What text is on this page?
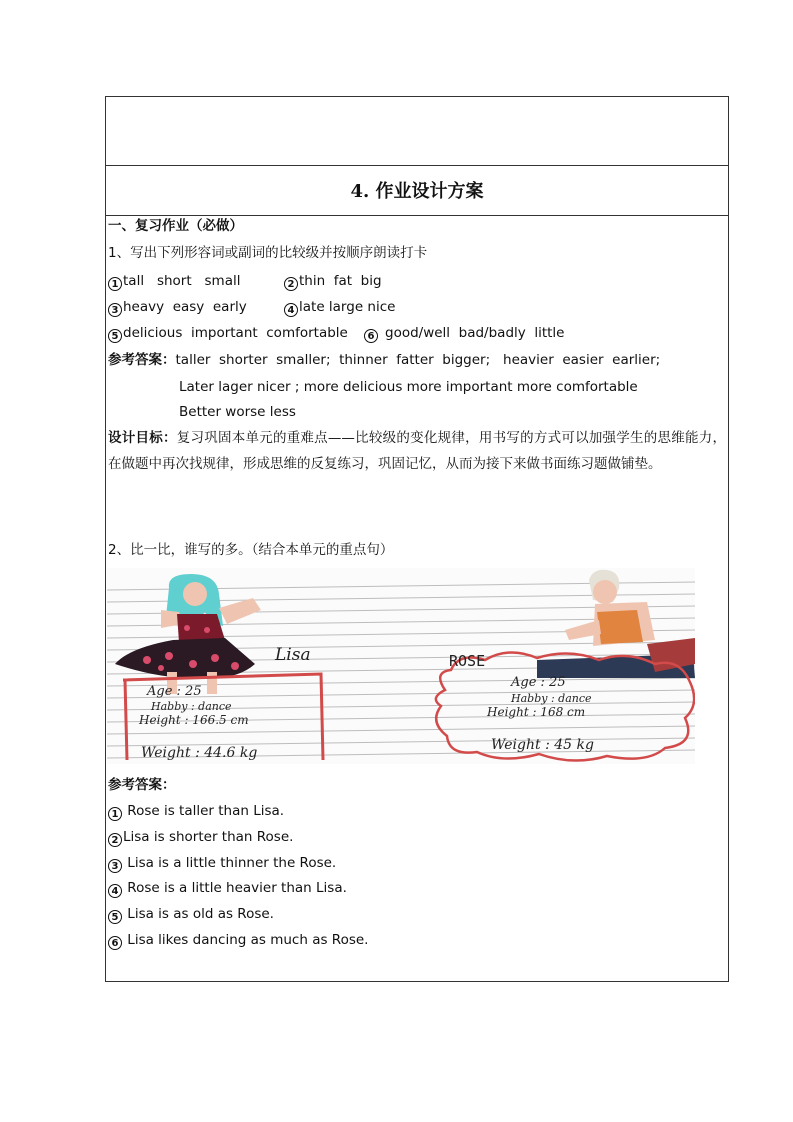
4. 作业设计方案
一、复习作业（必做）
1、写出下列形容词或副词的比较级并按顺序朗读打卡
1 tall   short   small	2 thin  fat  big
3 heavy  easy  early	4 late large nice
5 delicious  important  comfortable	6 good/well  bad/badly  little
参考答案：taller  shorter  smaller;  thinner  fatter  bigger;   heavier  easier  earlier;
Later lager nicer ; more delicious more important more comfortable
Better worse less
设计目标：复习巩固本单元的重难点——比较级的变化规律，用书写的方式可以加强学生的思维能力，在做题中再次找规律，形成思维的反复练习，巩固记忆，从而为接下来做书面练习题做铺垫。
2、比一比，谁写的多。（结合本单元的重点句）
Lisa	ROSE
Age : 25
Habby : dance
Height : 166.5 cm
Weight : 44.6 kg
Age : 25
Habby : dance
Height : 168 cm
Weight : 45 kg
参考答案：
1 Rose is taller than Lisa.
2 Lisa is shorter than Rose.
3 Lisa is a little thinner the Rose.
4 Rose is a little heavier than Lisa.
5 Lisa is as old as Rose.
6 Lisa likes dancing as much as Rose.
